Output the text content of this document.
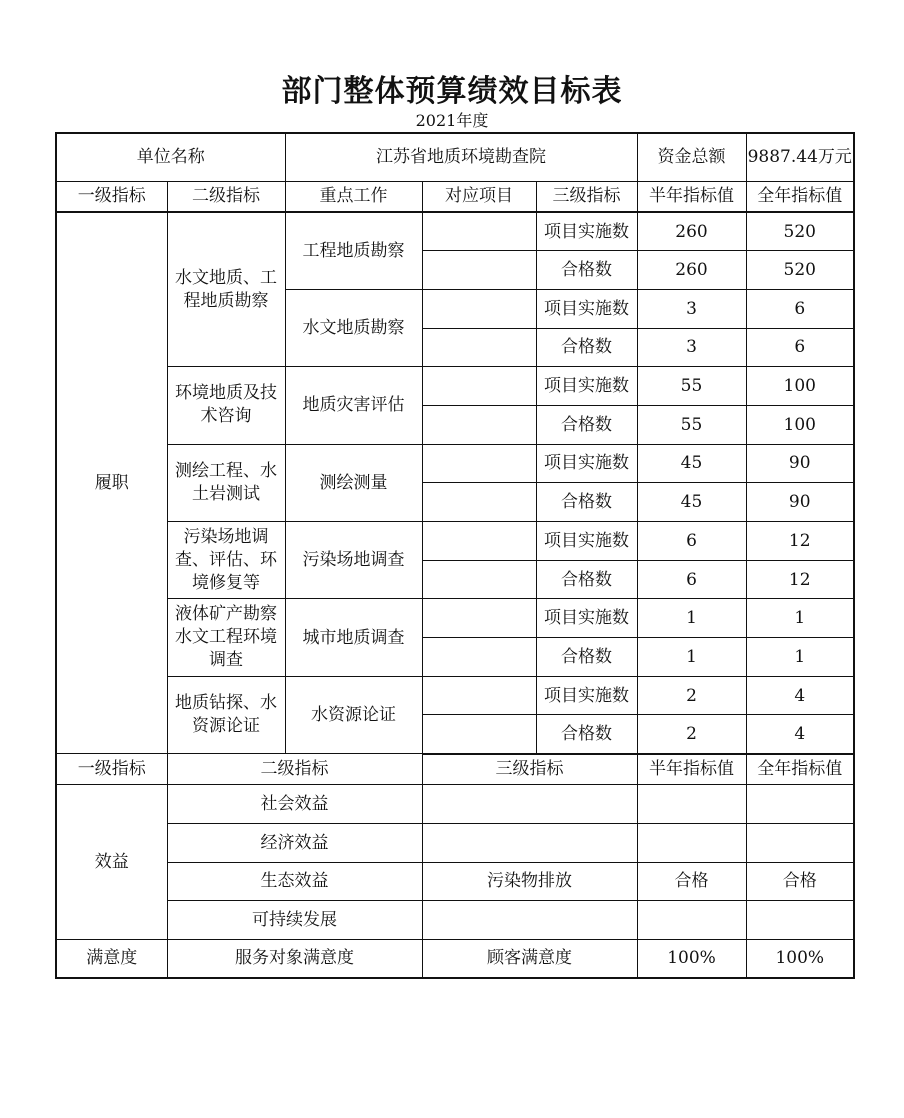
部门整体预算绩效目标表
2021年度
单位名称		江苏省地质环境勘查院			资金总额	9887.44万元
一级指标	二级指标	重点工作	对应项目	三级指标	半年指标值	全年指标值
履职	水文地质、工程地质勘察	工程地质勘察		项目实施数	260	520
				合格数	260	520
		水文地质勘察		项目实施数	3	6
				合格数	3	6
	环境地质及技术咨询	地质灾害评估		项目实施数	55	100
				合格数	55	100
	测绘工程、水土岩测试	测绘测量		项目实施数	45	90
				合格数	45	90
	污染场地调查、评估、环境修复等	污染场地调查		项目实施数	6	12
				合格数	6	12
	液体矿产勘察水文工程环境调查	城市地质调查		项目实施数	1	1
				合格数	1	1
	地质钻探、水资源论证	水资源论证		项目实施数	2	4
				合格数	2	4
一级指标	二级指标		三级指标		半年指标值	全年指标值
效益	社会效益					
	经济效益					
	生态效益		污染物排放		合格	合格
	可持续发展					
满意度	服务对象满意度		顾客满意度		100%	100%
